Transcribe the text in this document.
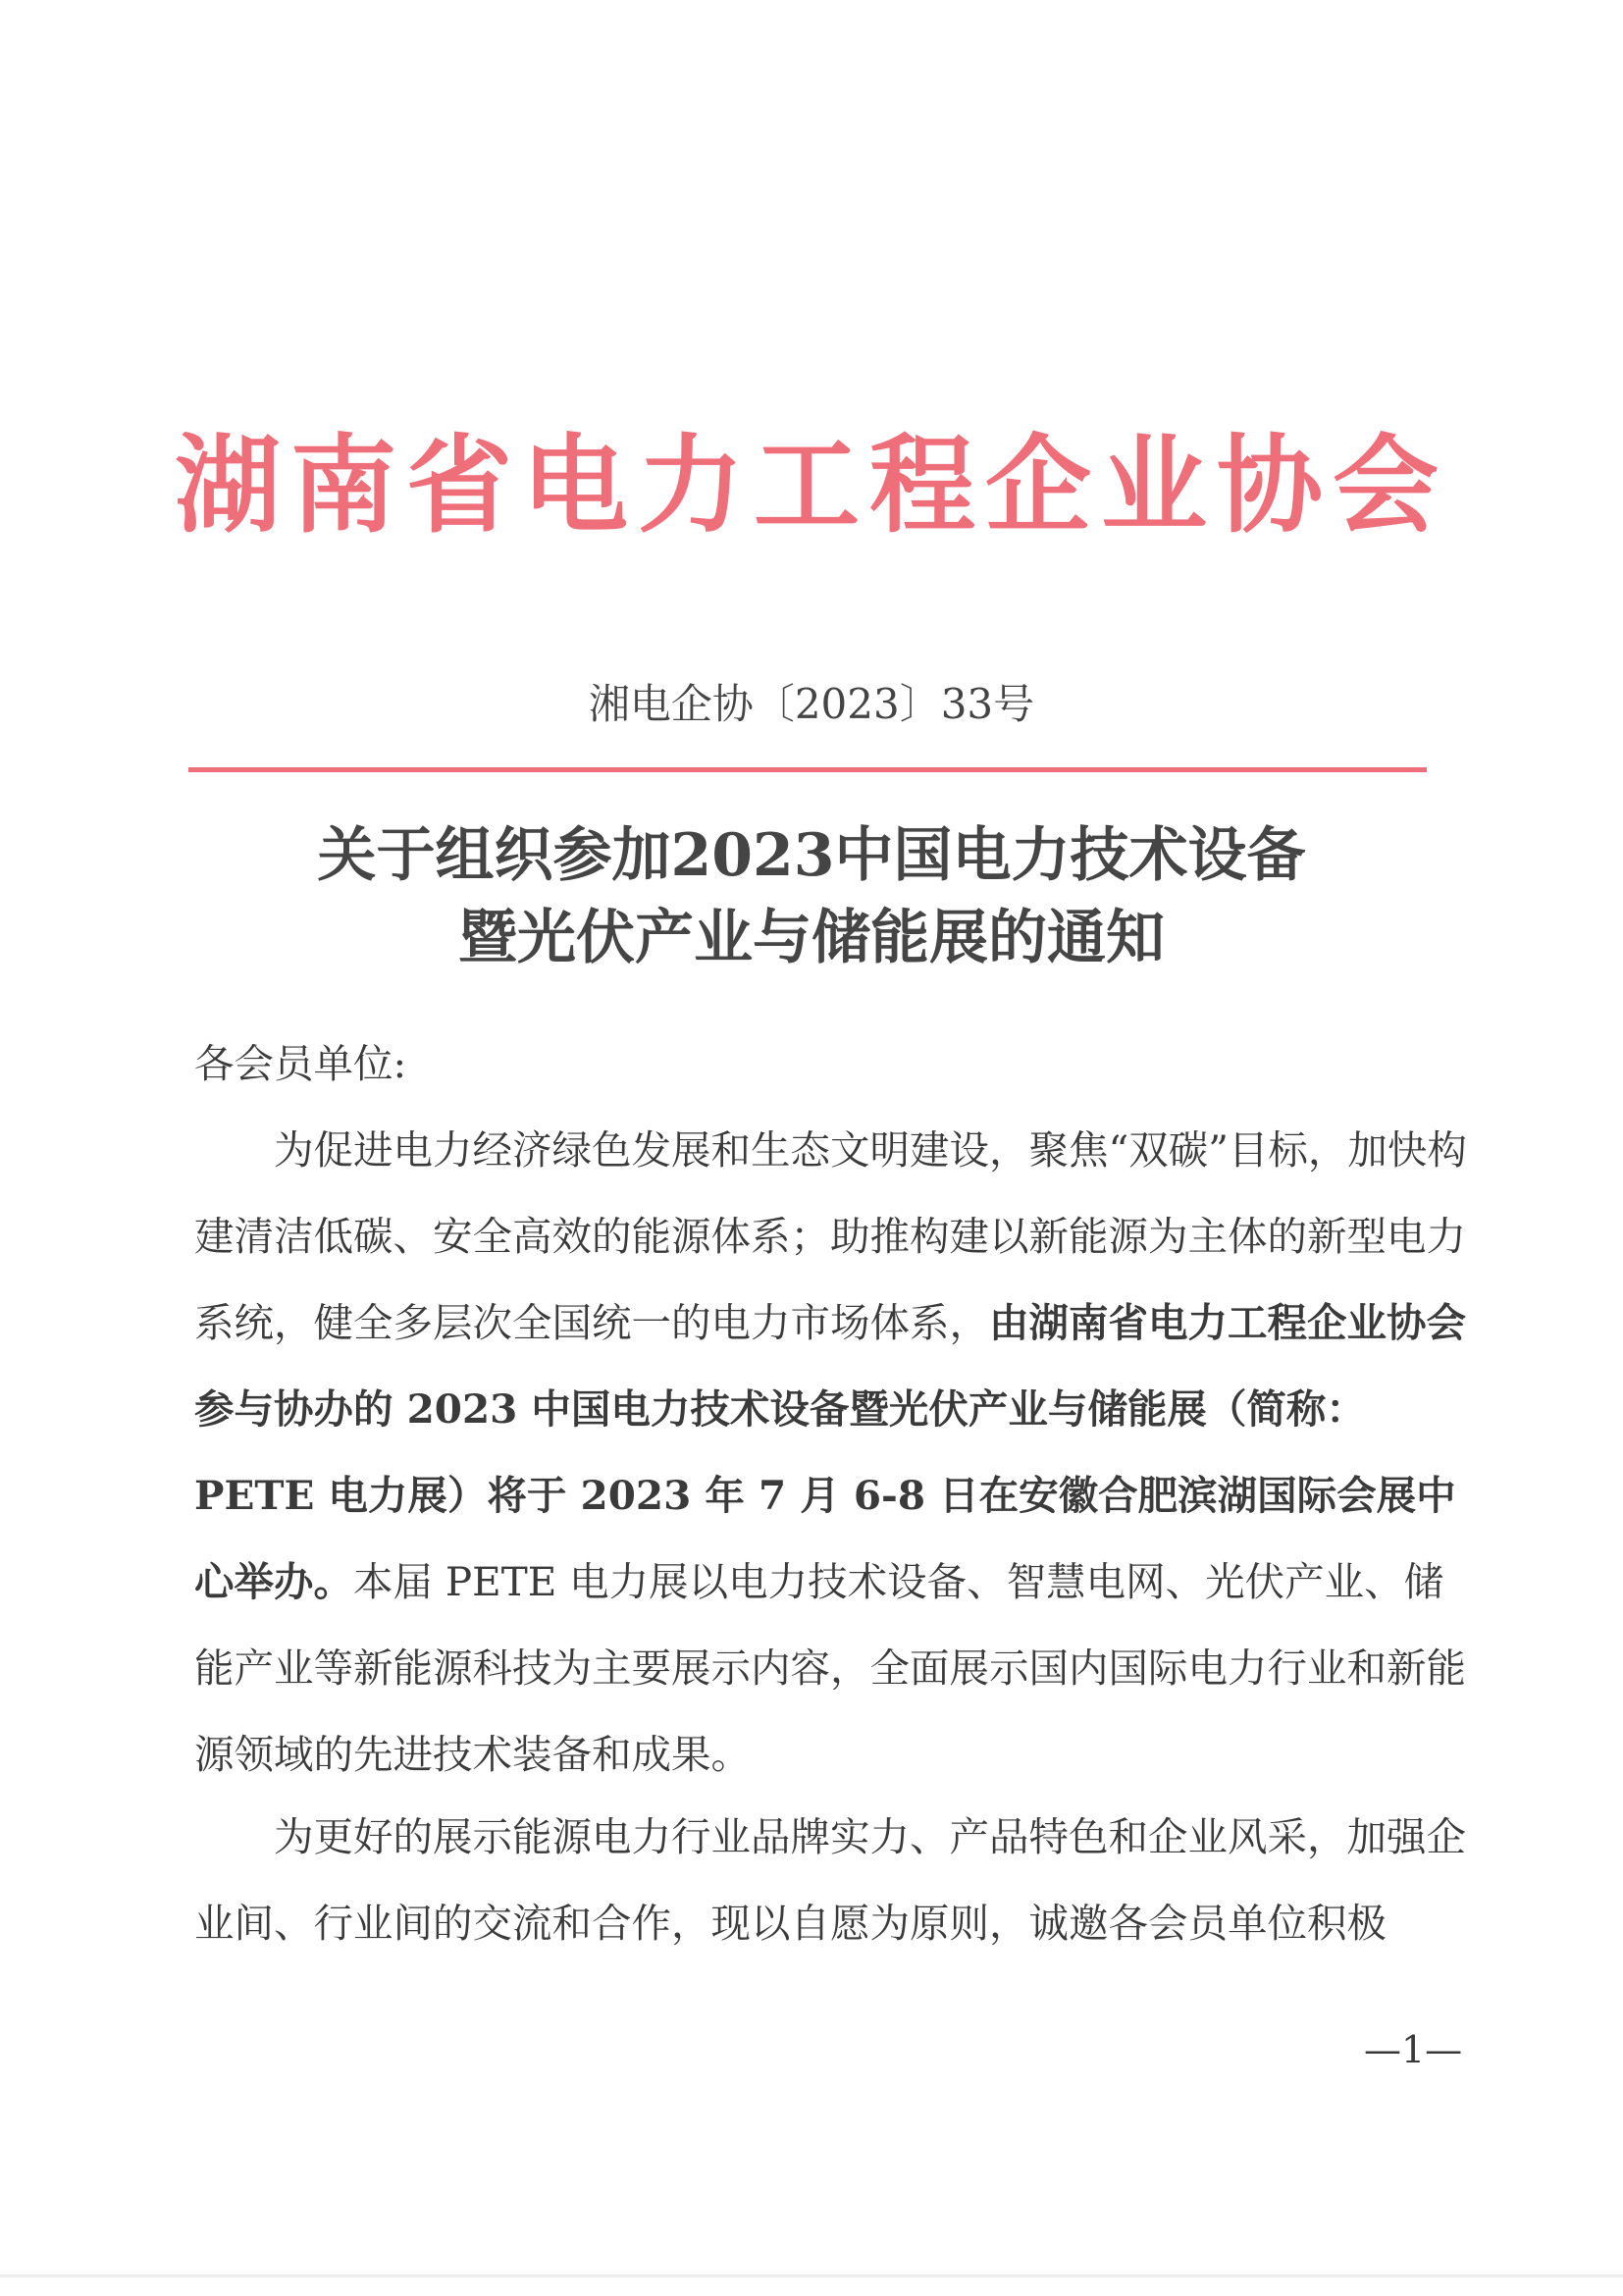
湖南省电力工程企业协会
湘电企协〔2023〕33号
关于组织参加2023中国电力技术设备
暨光伏产业与储能展的通知
各会员单位:
为促进电力经济绿色发展和生态文明建设，聚焦“双碳”目标，加快构建清洁低碳、安全高效的能源体系；助推构建以新能源为主体的新型电力系统，健全多层次全国统一的电力市场体系，由湖南省电力工程企业协会参与协办的 2023 中国电力技术设备暨光伏产业与储能展（简称：PETE 电力展）将于 2023 年 7 月 6-8 日在安徽合肥滨湖国际会展中心举办。本届 PETE 电力展以电力技术设备、智慧电网、光伏产业、储能产业等新能源科技为主要展示内容，全面展示国内国际电力行业和新能源领域的先进技术装备和成果。
为更好的展示能源电力行业品牌实力、产品特色和企业风采，加强企业间、行业间的交流和合作，现以自愿为原则，诚邀各会员单位积极
—1—
